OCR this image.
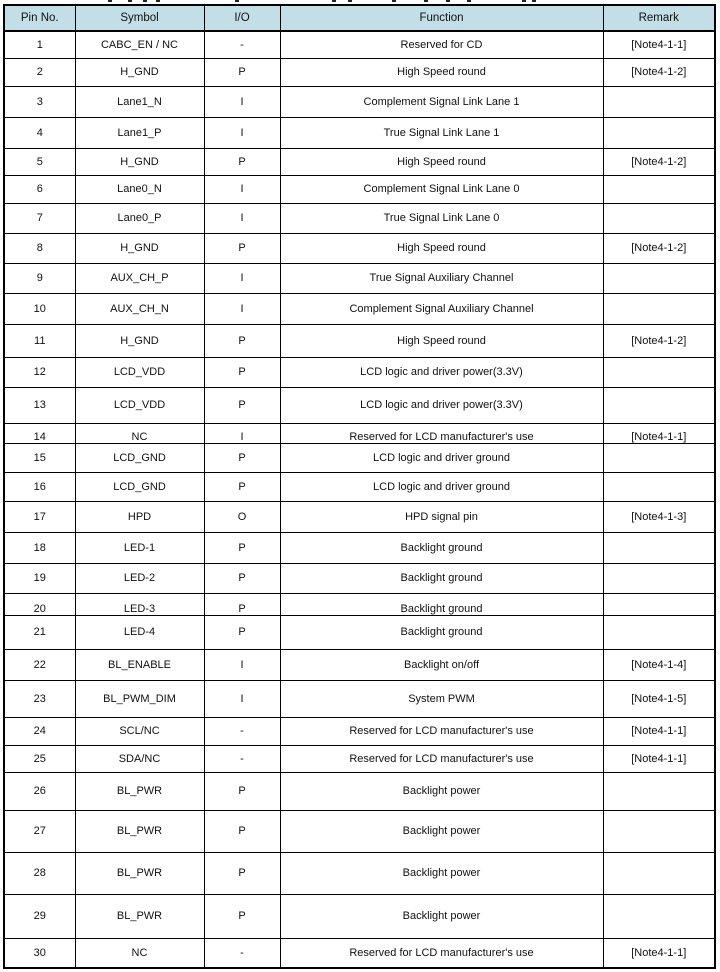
Pin No.	Symbol	I/O	Function	Remark
1	CABC_EN / NC	-	Reserved for CD	[Note4-1-1]
2	H_GND	P	High Speed round	[Note4-1-2]
3	Lane1_N	I	Complement Signal Link Lane 1	
4	Lane1_P	I	True Signal Link Lane 1	
5	H_GND	P	High Speed round	[Note4-1-2]
6	Lane0_N	I	Complement Signal Link Lane 0	
7	Lane0_P	I	True Signal Link Lane 0	
8	H_GND	P	High Speed round	[Note4-1-2]
9	AUX_CH_P	I	True Signal Auxiliary Channel	
10	AUX_CH_N	I	Complement Signal Auxiliary Channel	
11	H_GND	P	High Speed round	[Note4-1-2]
12	LCD_VDD	P	LCD logic and driver power(3.3V)	
13	LCD_VDD	P	LCD logic and driver power(3.3V)	
14	NC	I	Reserved for LCD manufacturer's use	[Note4-1-1]
15	LCD_GND	P	LCD logic and driver ground	
16	LCD_GND	P	LCD logic and driver ground	
17	HPD	O	HPD signal pin	[Note4-1-3]
18	LED-1	P	Backlight ground	
19	LED-2	P	Backlight ground	
20	LED-3	P	Backlight ground	
21	LED-4	P	Backlight ground	
22	BL_ENABLE	I	Backlight on/off	[Note4-1-4]
23	BL_PWM_DIM	I	System PWM	[Note4-1-5]
24	SCL/NC	-	Reserved for LCD manufacturer's use	[Note4-1-1]
25	SDA/NC	-	Reserved for LCD manufacturer's use	[Note4-1-1]
26	BL_PWR	P	Backlight power	
27	BL_PWR	P	Backlight power	
28	BL_PWR	P	Backlight power	
29	BL_PWR	P	Backlight power	
30	NC	-	Reserved for LCD manufacturer's use	[Note4-1-1]
